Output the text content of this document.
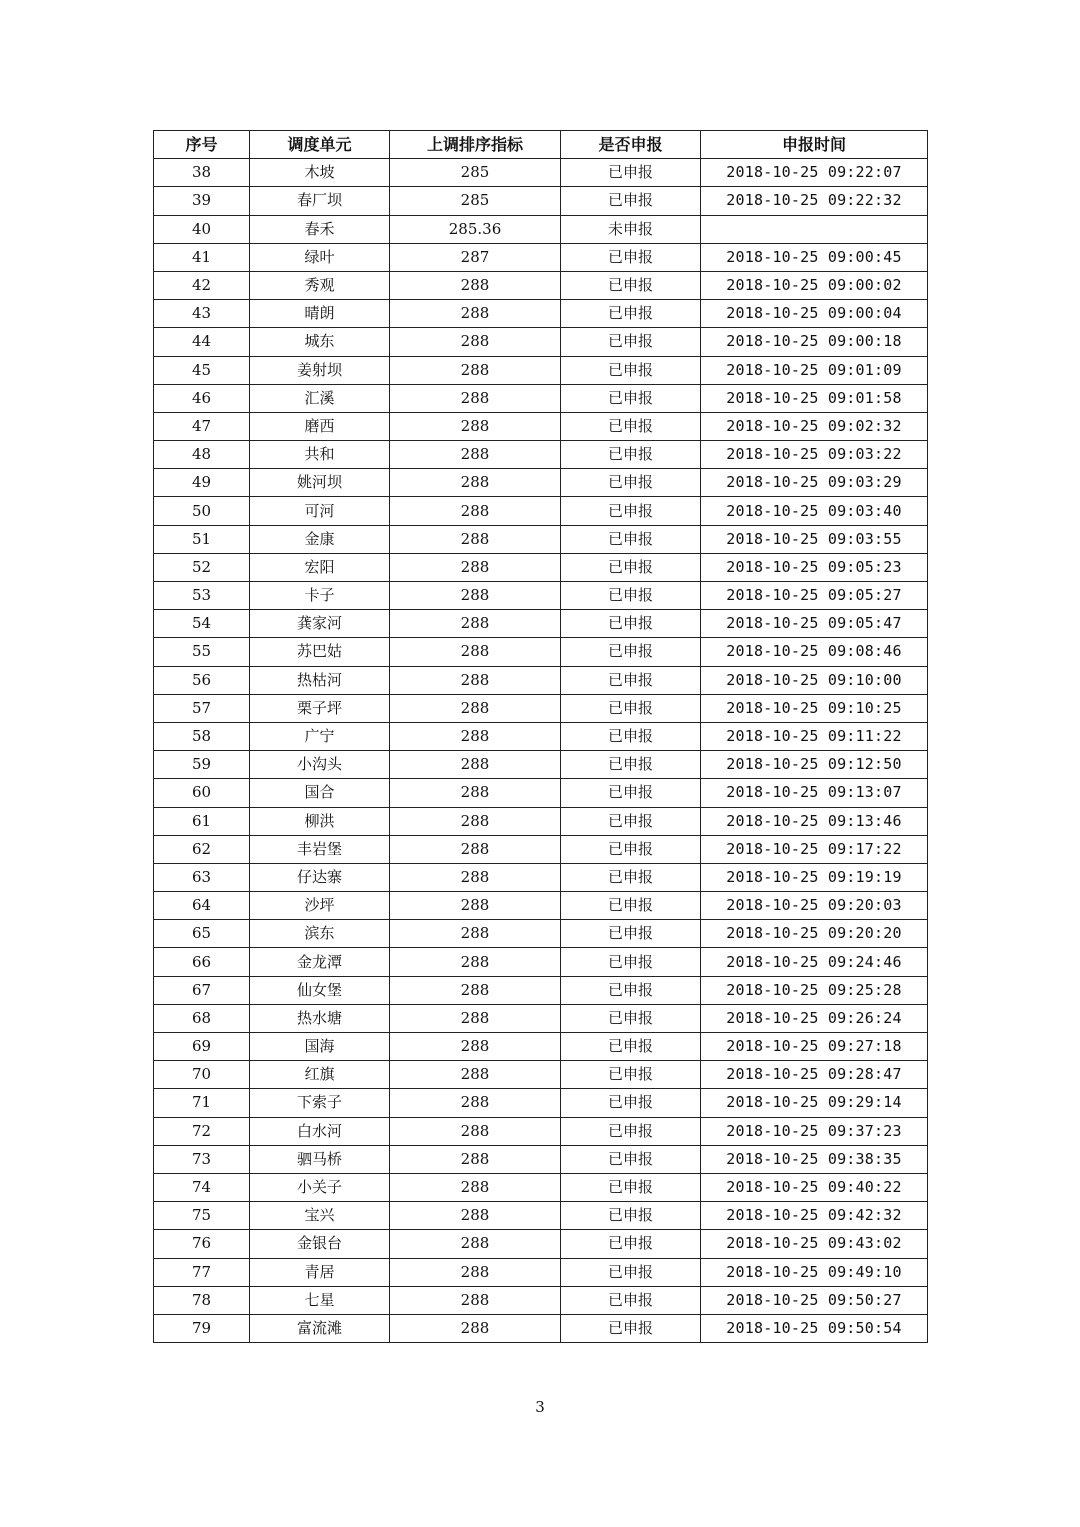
序号	调度单元	上调排序指标	是否申报	申报时间
38	木坡	285	已申报	2018-10-25 09:22:07
39	春厂坝	285	已申报	2018-10-25 09:22:32
40	春禾	285.36	未申报	
41	绿叶	287	已申报	2018-10-25 09:00:45
42	秀观	288	已申报	2018-10-25 09:00:02
43	晴朗	288	已申报	2018-10-25 09:00:04
44	城东	288	已申报	2018-10-25 09:00:18
45	姜射坝	288	已申报	2018-10-25 09:01:09
46	汇溪	288	已申报	2018-10-25 09:01:58
47	磨西	288	已申报	2018-10-25 09:02:32
48	共和	288	已申报	2018-10-25 09:03:22
49	姚河坝	288	已申报	2018-10-25 09:03:29
50	可河	288	已申报	2018-10-25 09:03:40
51	金康	288	已申报	2018-10-25 09:03:55
52	宏阳	288	已申报	2018-10-25 09:05:23
53	卡子	288	已申报	2018-10-25 09:05:27
54	龚家河	288	已申报	2018-10-25 09:05:47
55	苏巴姑	288	已申报	2018-10-25 09:08:46
56	热枯河	288	已申报	2018-10-25 09:10:00
57	栗子坪	288	已申报	2018-10-25 09:10:25
58	广宁	288	已申报	2018-10-25 09:11:22
59	小沟头	288	已申报	2018-10-25 09:12:50
60	国合	288	已申报	2018-10-25 09:13:07
61	柳洪	288	已申报	2018-10-25 09:13:46
62	丰岩堡	288	已申报	2018-10-25 09:17:22
63	仔达寨	288	已申报	2018-10-25 09:19:19
64	沙坪	288	已申报	2018-10-25 09:20:03
65	滨东	288	已申报	2018-10-25 09:20:20
66	金龙潭	288	已申报	2018-10-25 09:24:46
67	仙女堡	288	已申报	2018-10-25 09:25:28
68	热水塘	288	已申报	2018-10-25 09:26:24
69	国海	288	已申报	2018-10-25 09:27:18
70	红旗	288	已申报	2018-10-25 09:28:47
71	下索子	288	已申报	2018-10-25 09:29:14
72	白水河	288	已申报	2018-10-25 09:37:23
73	驷马桥	288	已申报	2018-10-25 09:38:35
74	小关子	288	已申报	2018-10-25 09:40:22
75	宝兴	288	已申报	2018-10-25 09:42:32
76	金银台	288	已申报	2018-10-25 09:43:02
77	青居	288	已申报	2018-10-25 09:49:10
78	七星	288	已申报	2018-10-25 09:50:27
79	富流滩	288	已申报	2018-10-25 09:50:54
3
